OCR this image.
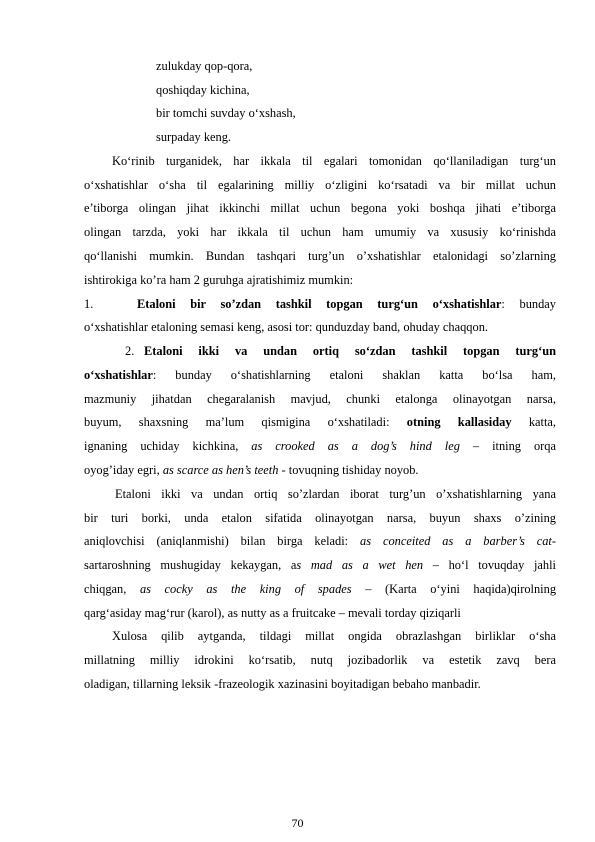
zulukday qop-qora,
qoshiqday kichina,
bir tomchi suvday o‘xshash,
surpaday keng.
Ko‘rinib turganidek, har ikkala til egalari tomonidan qo‘llaniladigan turg‘un
o‘xshatishlar o‘sha til egalarining milliy o‘zligini ko‘rsatadi va bir millat uchun
e’tiborga olingan jihat ikkinchi millat uchun begona yoki boshqa jihati e’tiborga
olingan tarzda, yoki har ikkala til uchun ham umumiy va xususiy ko‘rinishda
qo‘llanishi mumkin. Bundan tashqari turg’un o’xshatishlar etalonidagi so’zlarning
ishtirokiga ko’ra ham 2 guruhga ajratishimiz mumkin:
1.	Etaloni bir so’zdan tashkil topgan turg‘un o‘xshatishlar: bunday
o‘xshatishlar etaloning semasi keng, asosi tor: qunduzday band, ohuday chaqqon.
2. Etaloni ikki va undan ortiq so‘zdan tashkil topgan turg‘un
o‘xshatishlar: bunday o‘shatishlarning etaloni shaklan katta bo‘lsa ham,
mazmuniy jihatdan chegaralanish mavjud, chunki etalonga olinayotgan narsa,
buyum, shaxsning ma’lum qismigina o‘xshatiladi: otning kallasiday katta,
ignaning uchiday kichkina, as crooked as a dog’s hind leg – itning orqa
oyog’iday egri, as scarce as hen’s teeth - tovuqning tishiday noyob.
Etaloni ikki va undan ortiq so’zlardan iborat turg’un o’xshatishlarning yana
bir turi borki, unda etalon sifatida olinayotgan narsa, buyun shaxs o’zining
aniqlovchisi (aniqlanmishi) bilan birga keladi: as conceited as a barber’s cat-
sartaroshning mushugiday kekaygan, as mad as a wet hen – ho‘l tovuqday jahli
chiqgan, as cocky as the king of spades – (Karta o‘yini haqida)qirolning
qarg‘asiday mag‘rur (karol), as nutty as a fruitcake – mevali torday qiziqarli
Xulosa qilib aytganda, tildagi millat ongida obrazlashgan birliklar o‘sha
millatning milliy idrokini ko‘rsatib, nutq jozibadorlik va estetik zavq bera
oladigan, tillarning leksik -frazeologik xazinasini boyitadigan bebaho manbadir.
70
